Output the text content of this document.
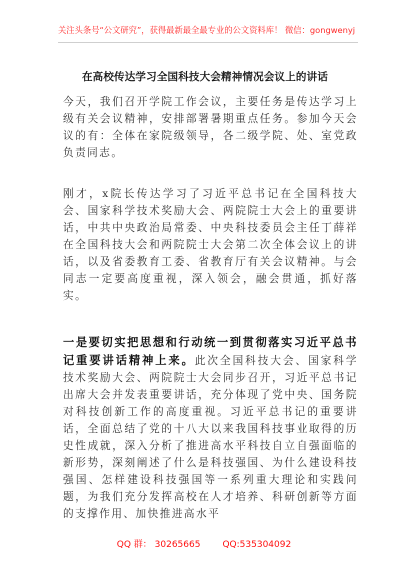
关注头条号“公文研究”，获得最新最全最专业的公文资料库！ 微信：gongwenyj
在高校传达学习全国科技大会精神情况会议上的讲话
今天，我们召开学院工作会议，主要任务是传达学习上级有关会议精神，安排部署暑期重点任务。参加今天会议的有：全体在家院级领导，各二级学院、处、室党政负责同志。
刚才，x院长传达学习了习近平总书记在全国科技大会、国家科学技术奖励大会、两院院士大会上的重要讲话，中共中央政治局常委、中央科技委员会主任丁薛祥在全国科技大会和两院院士大会第二次全体会议上的讲话，以及省委教育工委、省教育厅有关会议精神。与会同志一定要高度重视，深入领会，融会贯通，抓好落实。
一是要切实把思想和行动统一到贯彻落实习近平总书记重要讲话精神上来。此次全国科技大会、国家科学技术奖励大会、两院院士大会同步召开，习近平总书记出席大会并发表重要讲话，充分体现了党中央、国务院对科技创新工作的高度重视。习近平总书记的重要讲话，全面总结了党的十八大以来我国科技事业取得的历史性成就，深入分析了推进高水平科技自立自强面临的新形势，深刻阐述了什么是科技强国、为什么建设科技强国、怎样建设科技强国等一系列重大理论和实践问题，为我们充分发挥高校在人才培养、科研创新等方面的支撑作用、加快推进高水平
QQ 群： 30265665 QQ:535304092
